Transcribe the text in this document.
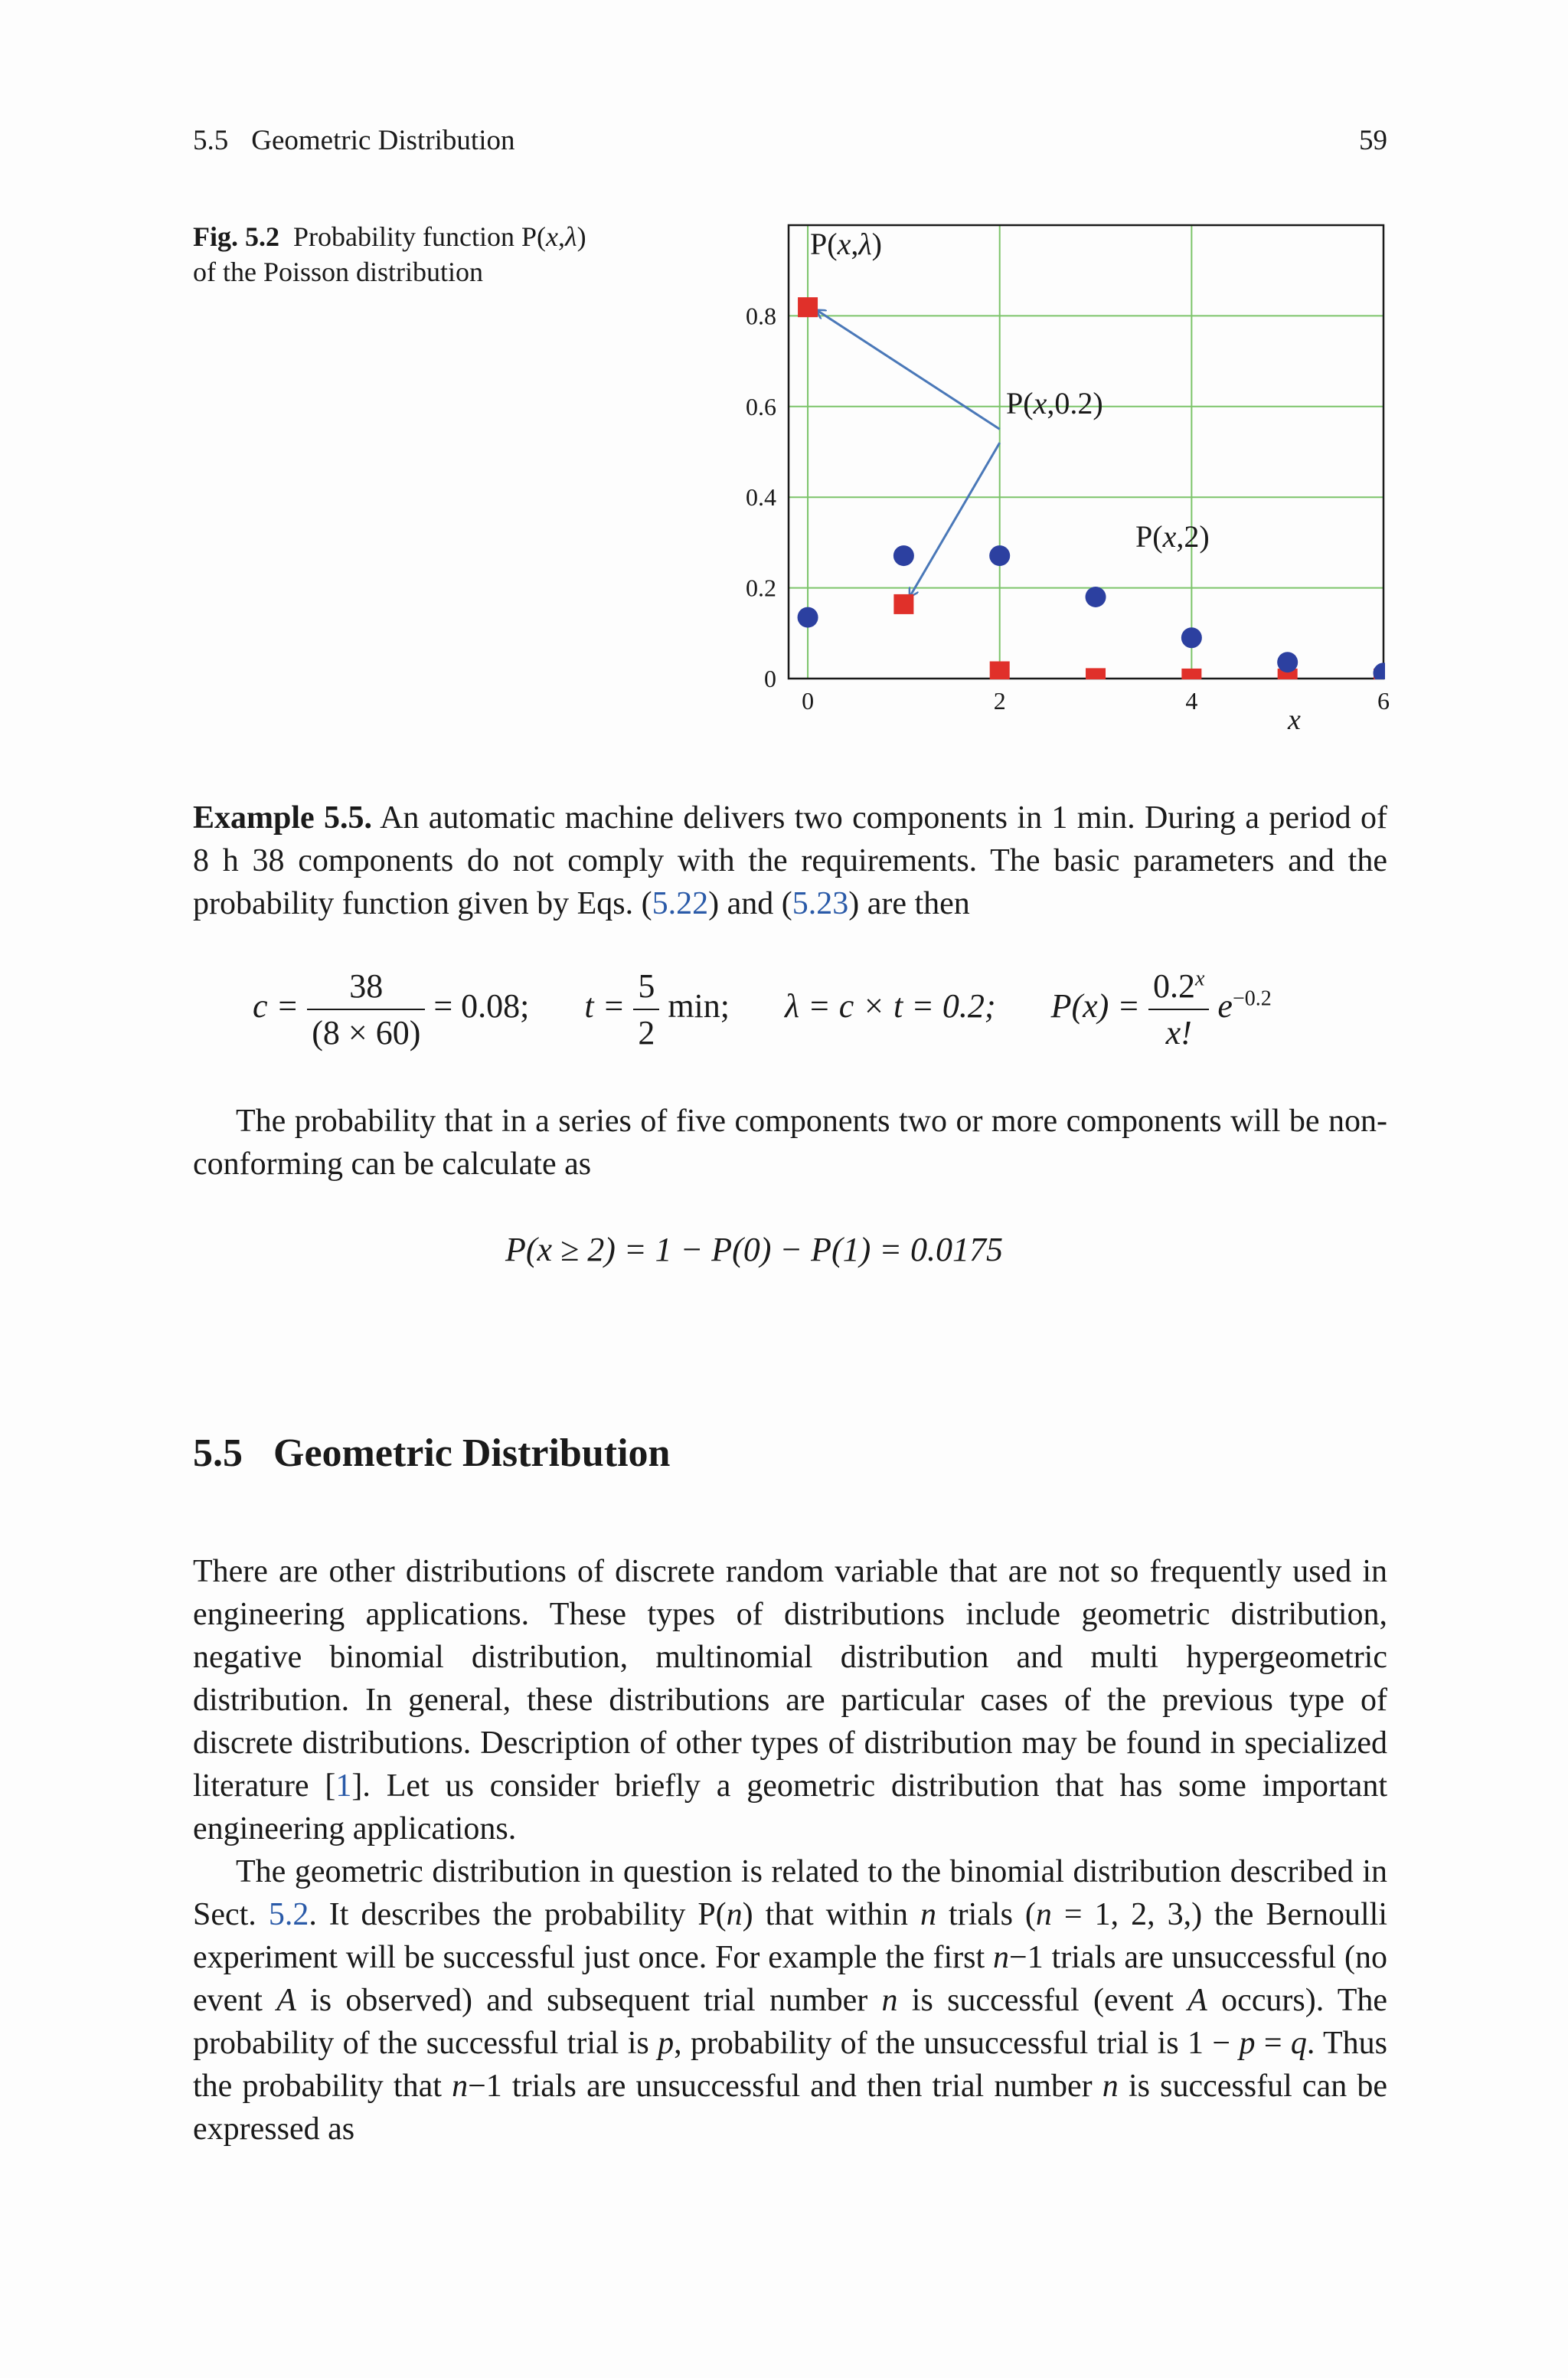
5.5 Geometric Distribution	59
Fig. 5.2 Probability function P(x,λ) of the Poisson distribution
0	2	4	6
0
0.2
0.4
0.6
0.8
P(x,λ)
P(x,0.2)
P(x,2)
x

Example 5.5. An automatic machine delivers two components in 1 min. During a period of 8 h 38 components do not comply with the requirements. The basic parameters and the probability function given by Eqs. (5.22) and (5.23) are then

$c = \frac{38}{(8 \times 60)} = 0.08$; $t = \frac{5}{2} \min$; λ = c × t = 0.2; $P(x) = \frac{0.2^x}{x!} e^{-0.2}$

The probability that in a series of five components two or more components will be non-conforming can be calculate as

P(x ≥ 2) = 1 − P(0) − P(1) = 0.0175
5.5 Geometric Distribution

There are other distributions of discrete random variable that are not so frequently used in engineering applications. These types of distributions include geometric distribution, negative binomial distribution, multinomial distribution and multi hypergeometric distribution. In general, these distributions are particular cases of the previous type of discrete distributions. Description of other types of distribution may be found in specialized literature [1]. Let us consider briefly a geometric distribution that has some important engineering applications.

The geometric distribution in question is related to the binomial distribution described in Sect. 5.2. It describes the probability P(n) that within n trials (n = 1, 2, 3,) the Bernoulli experiment will be successful just once. For example the first n−1 trials are unsuccessful (no event A is observed) and subsequent trial number n is successful (event A occurs). The probability of the successful trial is p, probability of the unsuccessful trial is 1 − p = q. Thus the probability that n−1 trials are unsuccessful and then trial number n is successful can be expressed as
